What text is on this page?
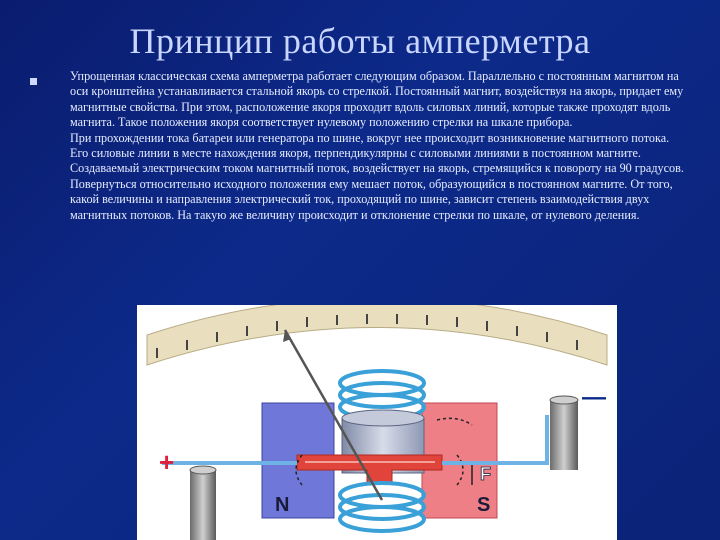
Принцип работы амперметра
Упрощенная классическая схема амперметра работает следующим образом. Параллельно с постоянным магнитом на оси кронштейна устанавливается стальной якорь со стрелкой. Постоянный магнит, воздействуя на якорь, придает ему магнитные свойства. При этом, расположение якоря проходит вдоль силовых линий, которые также проходят вдоль магнита. Такое положения якоря соответствует нулевому положению стрелки на шкале прибора.
При прохождении тока батареи или генератора по шине, вокруг нее происходит возникновение магнитного потока. Его силовые линии в месте нахождения якоря, перпендикулярны с силовыми линиями в постоянном магните. Создаваемый электрическим током магнитный поток, воздействует на якорь, стремящийся к повороту на 90 градусов. Повернуться относительно исходного положения ему мешает поток, образующийся в постоянном магните. От того, какой величины и направления электрический ток, проходящий по шине, зависит степень взаимодействия двух магнитных потоков. На такую же величину происходит и отклонение стрелки по шкале, от нулевого деления.
N	S
F
+
—
